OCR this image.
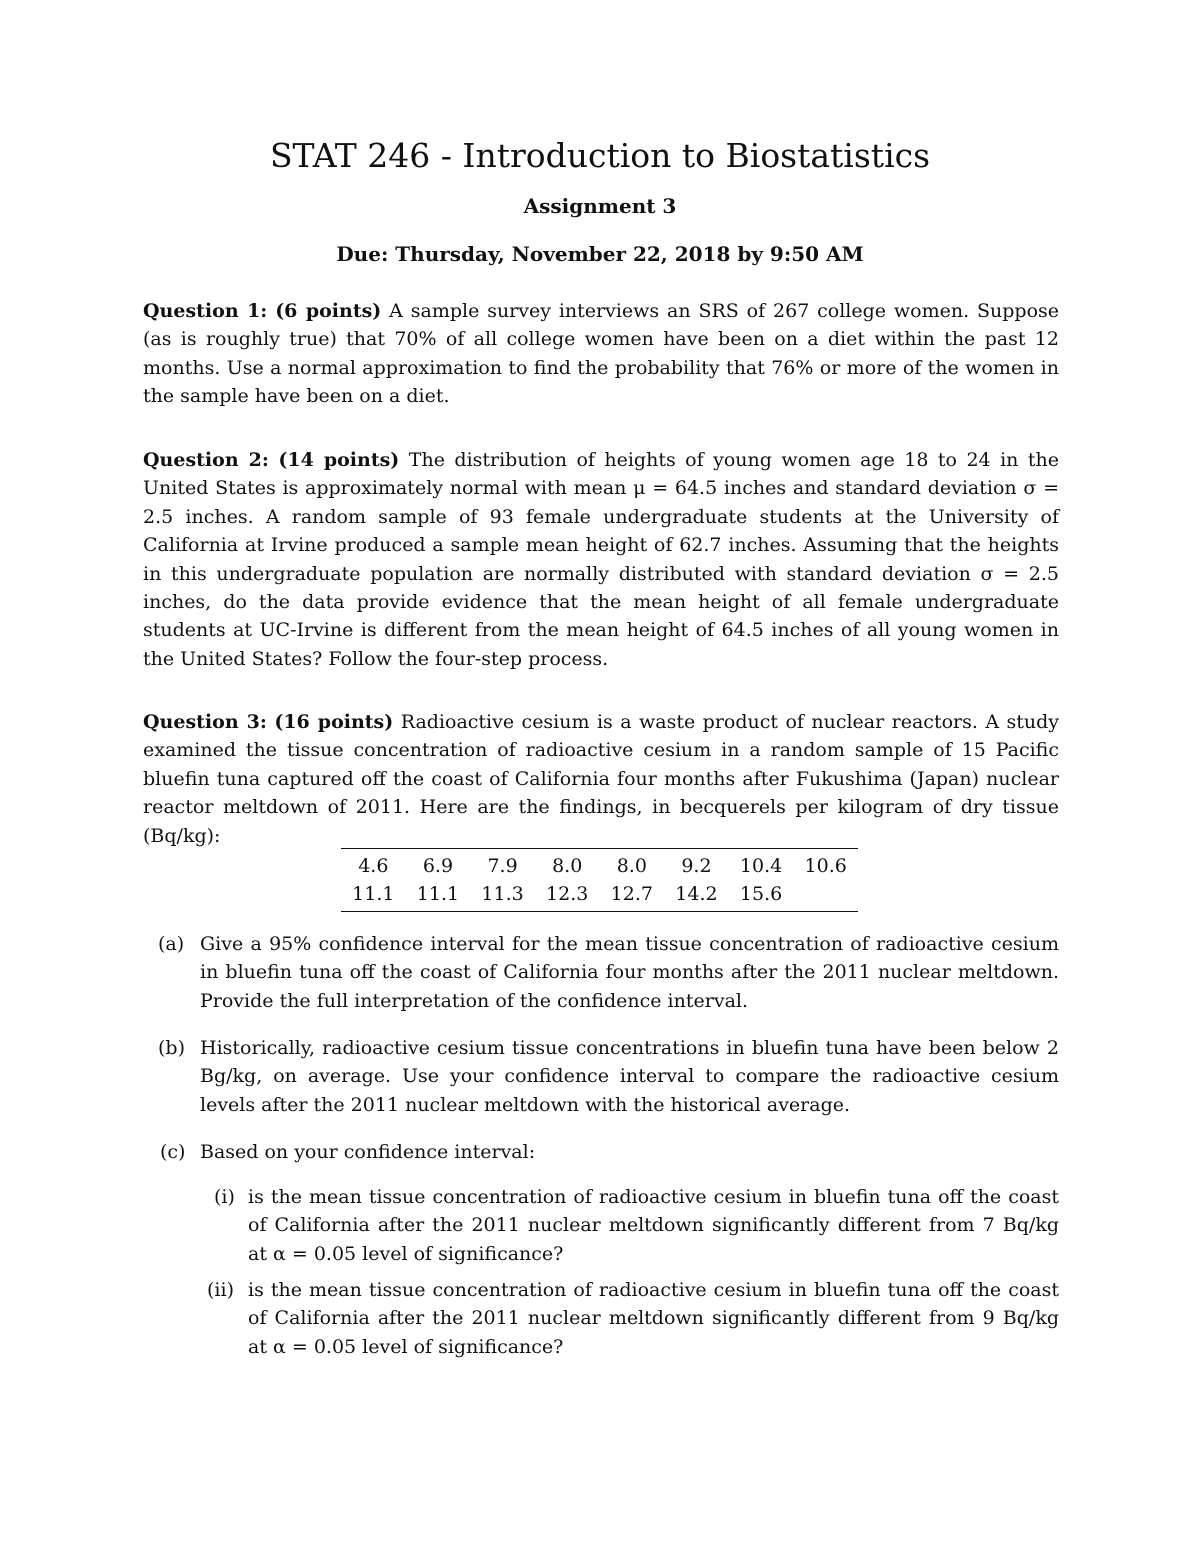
STAT 246 - Introduction to Biostatistics
Assignment 3
Due: Thursday, November 22, 2018 by 9:50 AM

Question 1: (6 points) A sample survey interviews an SRS of 267 college women. Suppose (as is roughly true) that 70% of all college women have been on a diet within the past 12 months. Use a normal approximation to find the probability that 76% or more of the women in the sample have been on a diet.

Question 2: (14 points) The distribution of heights of young women age 18 to 24 in the United States is approximately normal with mean μ = 64.5 inches and standard deviation σ = 2.5 inches. A random sample of 93 female undergraduate students at the University of California at Irvine produced a sample mean height of 62.7 inches. Assuming that the heights in this undergraduate population are normally distributed with standard deviation σ = 2.5 inches, do the data provide evidence that the mean height of all female undergraduate students at UC-Irvine is different from the mean height of 64.5 inches of all young women in the United States? Follow the four-step process.

Question 3: (16 points) Radioactive cesium is a waste product of nuclear reactors. A study examined the tissue concentration of radioactive cesium in a random sample of 15 Pacific bluefin tuna captured off the coast of California four months after Fukushima (Japan) nuclear reactor meltdown of 2011. Here are the findings, in becquerels per kilogram of dry tissue (Bq/kg):

4.6	6.9	7.9	8.0	8.0	9.2	10.4	10.6
11.1	11.1	11.3	12.3	12.7	14.2	15.6	
(a) Give a 95% confidence interval for the mean tissue concentration of radioactive cesium in bluefin tuna off the coast of California four months after the 2011 nuclear meltdown. Provide the full interpretation of the confidence interval.

(b) Historically, radioactive cesium tissue concentrations in bluefin tuna have been below 2 Bg/kg, on average. Use your confidence interval to compare the radioactive cesium levels after the 2011 nuclear meltdown with the historical average.

(c) Based on your confidence interval:

(i) is the mean tissue concentration of radioactive cesium in bluefin tuna off the coast of California after the 2011 nuclear meltdown significantly different from 7 Bq/kg at α = 0.05 level of significance?

(ii) is the mean tissue concentration of radioactive cesium in bluefin tuna off the coast of California after the 2011 nuclear meltdown significantly different from 9 Bq/kg at α = 0.05 level of significance?
